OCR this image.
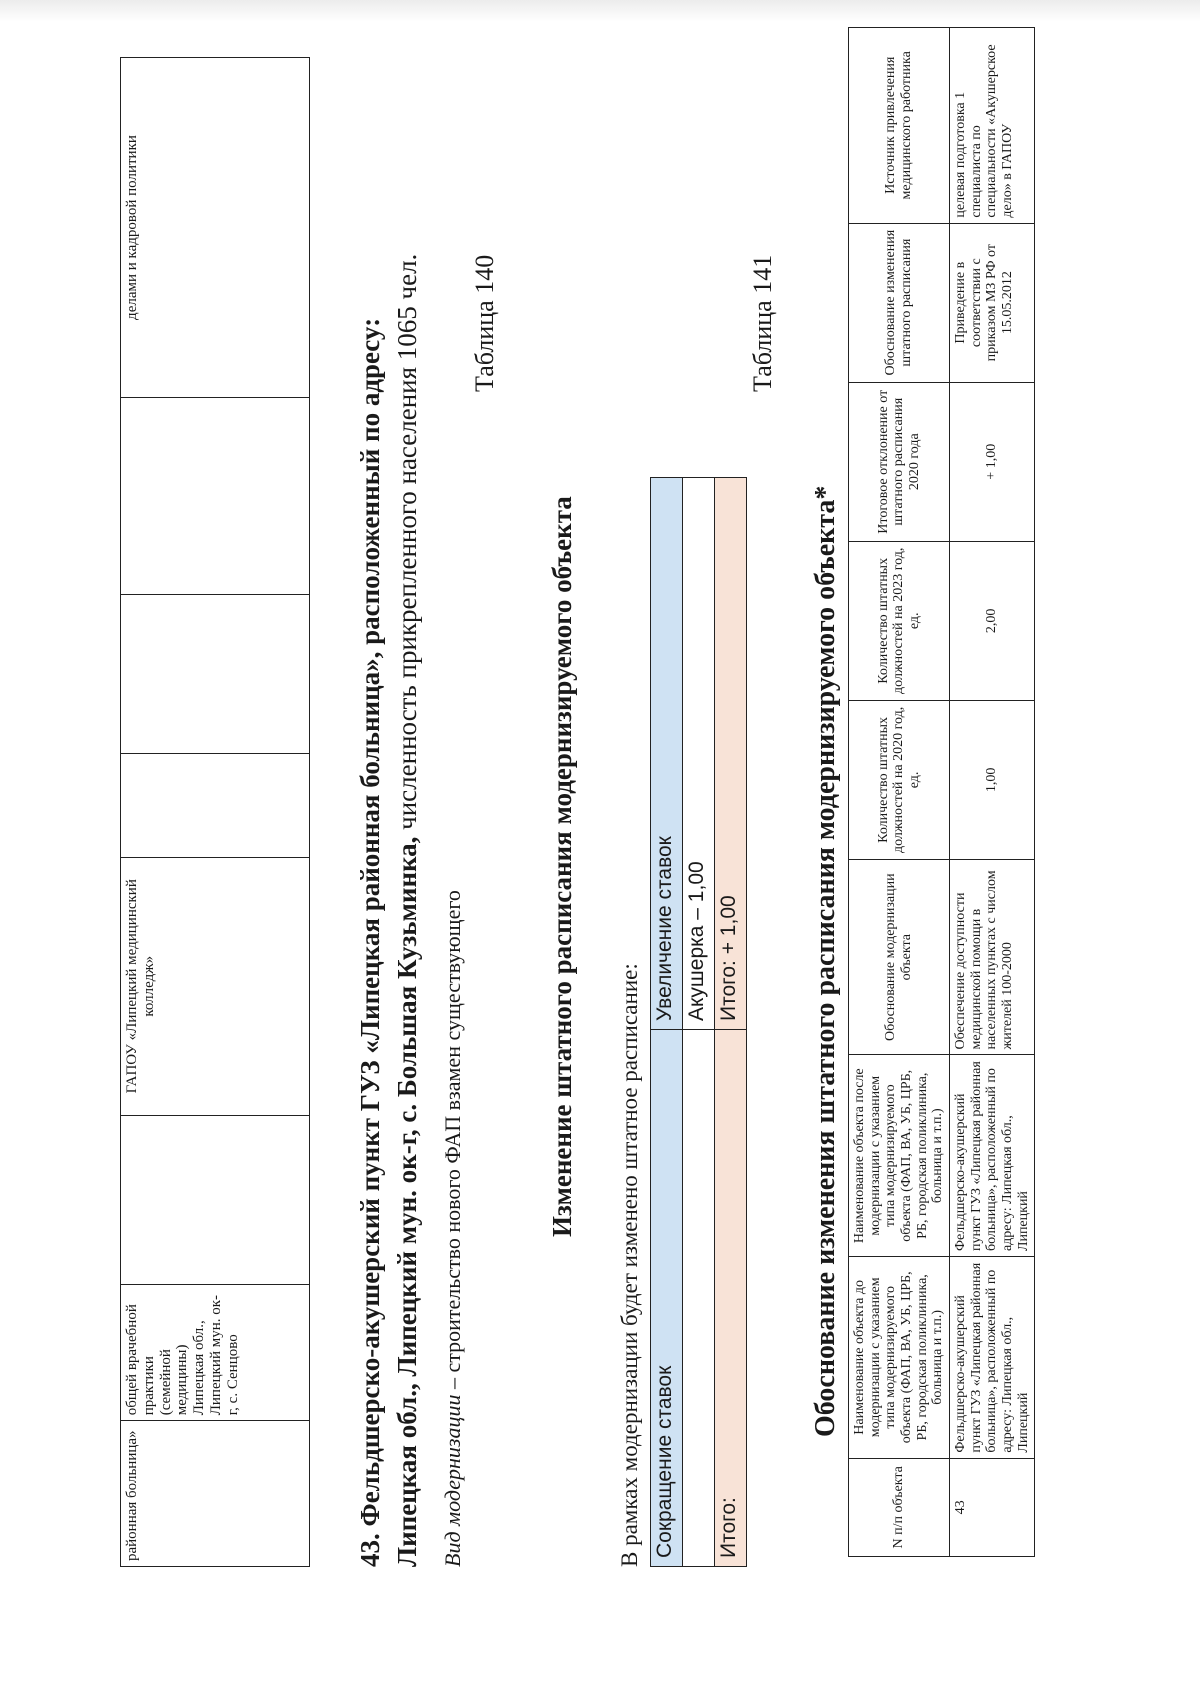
районная больница»	общей врачебной практики (семейной медицины) Липецкая обл., Липецкий мун. ок-г, с. Сенцово		ГАПОУ «Липецкий медицинский колледж»				делами и кадровой политики
43. Фельдшерско-акушерский пункт ГУЗ «Липецкая районная больница», расположенный по адресу: Липецкая обл., Липецкий мун. ок-г, с. Большая Кузьминка, численность прикрепленного населения 1065 чел.
Вид модернизации – строительство нового ФАП взамен существующего
Таблица 140
Изменение штатного расписания модернизируемого объекта
В рамках модернизации будет изменено штатное расписание: Сокращение ставок	Увеличение ставок
	Акушерка – 1,00
Итого:	Итого: + 1,00
Таблица 141
Обоснование изменения штатного расписания модернизируемого объекта*
N п/п объекта	Наименование объекта до модернизации с указанием типа модернизируемого объекта (ФАП, ВА, УБ, ЦРБ, РБ, городская поликлиника, больница и т.п.)	Наименование объекта после модернизации с указанием типа модернизируемого объекта (ФАП, ВА, УБ, ЦРБ, РБ, городская поликлиника, больница и т.п.)	Обоснование модернизации объекта	Количество штатных должностей на 2020 год, ед.	Количество штатных должностей на 2023 год, ед.	Итоговое отклонение от штатного расписания 2020 года	Обоснование изменения штатного расписания	Источник привлечения медицинского работника
43	Фельдшерско-акушерский пункт ГУЗ «Липецкая районная больница», расположенный по адресу: Липецкая обл., Липецкий	Фельдшерско-акушерский пункт ГУЗ «Липецкая районная больница», расположенный по адресу: Липецкая обл., Липецкий	Обеспечение доступности медицинской помощи в населенных пунктах с числом жителей 100-2000	1,00	2,00	+ 1,00	Приведение в соответствии с приказом МЗ РФ от 15.05.2012	целевая подготовка 1 специалиста по специальности «Акушерское дело» в ГАПОУ
